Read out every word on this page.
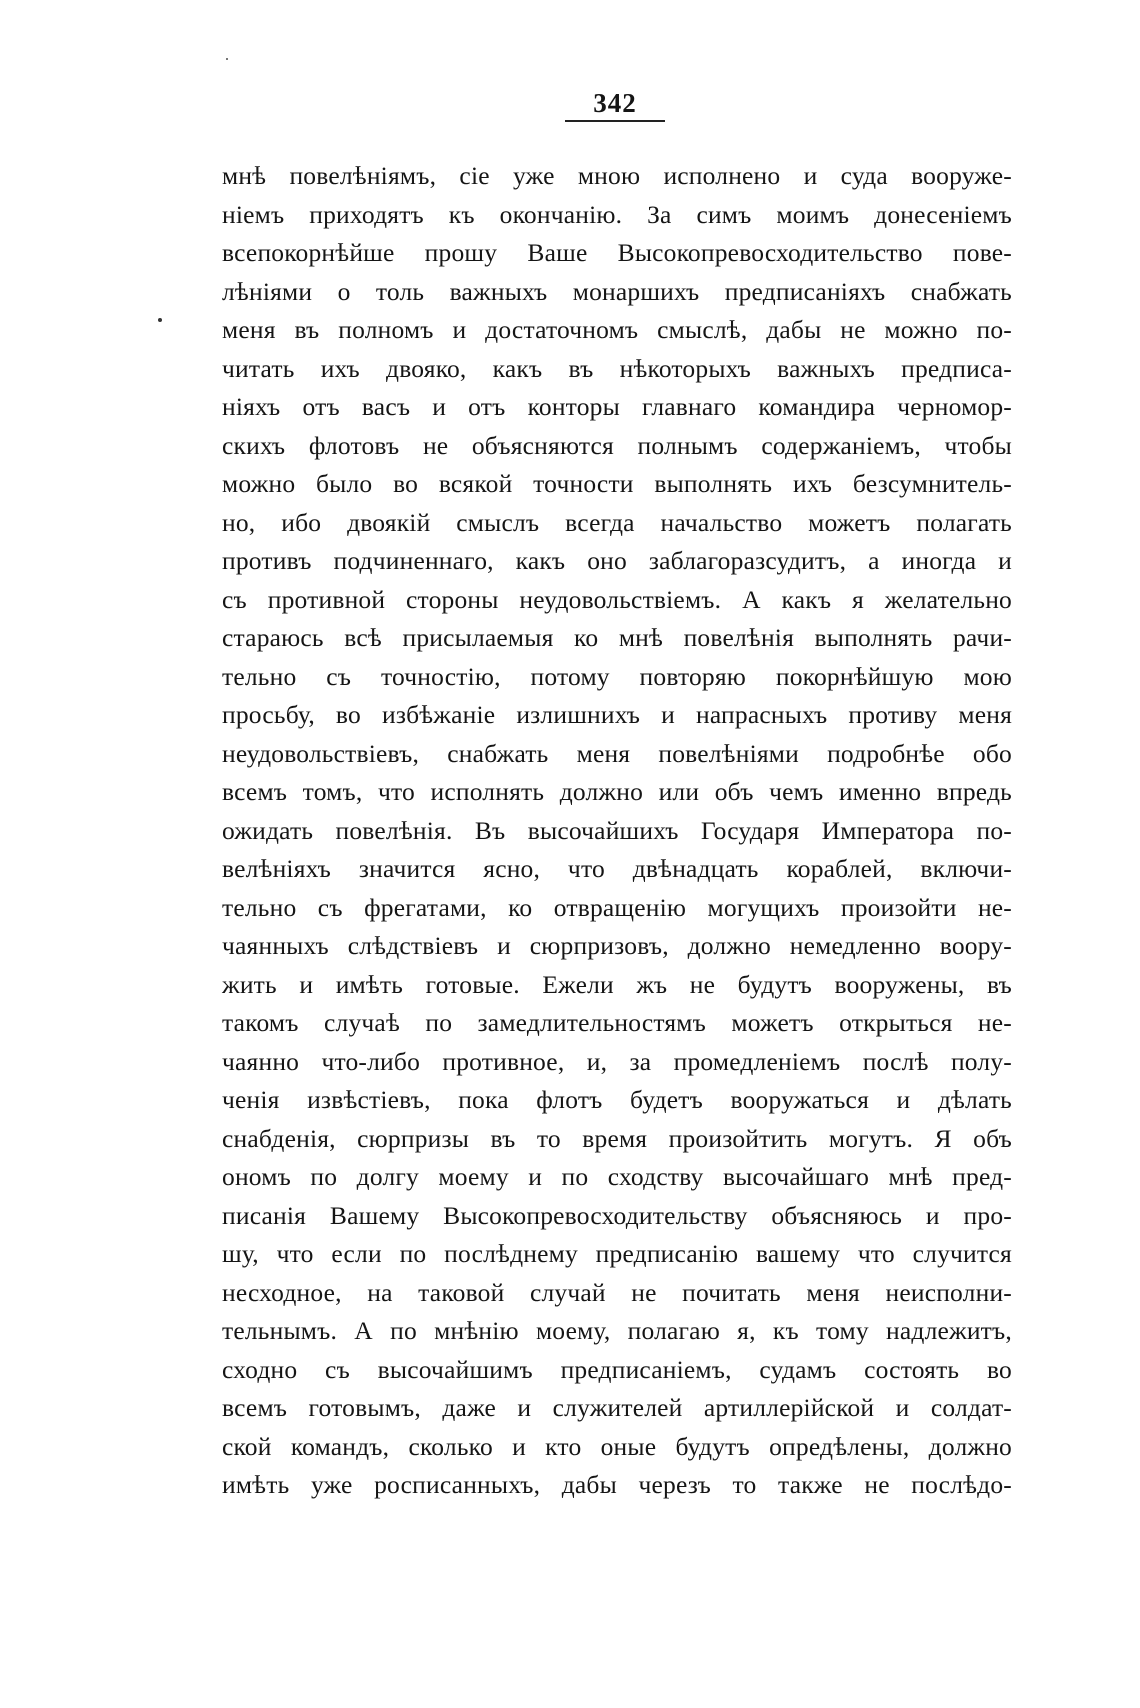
342
мнѣ повелѣніямъ, сіе уже мною исполнено и суда вооруже-
ніемъ приходятъ къ окончанію. За симъ моимъ донесеніемъ
всепокорнѣйше прошу Ваше Высокопревосходительство пове-
лѣніями о толь важныхъ монаршихъ предписаніяхъ снабжать
меня въ полномъ и достаточномъ смыслѣ, дабы не можно по-
читать ихъ двояко, какъ въ нѣкоторыхъ важныхъ предписа-
ніяхъ отъ васъ и отъ конторы главнаго командира черномор-
скихъ флотовъ не объясняются полнымъ содержаніемъ, чтобы
можно было во всякой точности выполнять ихъ безсумнитель-
но, ибо двоякій смыслъ всегда начальство можетъ полагать
противъ подчиненнаго, какъ оно заблагоразсудитъ, а иногда и
съ противной стороны неудовольствіемъ. А какъ я желательно
стараюсь всѣ присылаемыя ко мнѣ повелѣнія выполнять рачи-
тельно съ точностію, потому повторяю покорнѣйшую мою
просьбу, во избѣжаніе излишнихъ и напрасныхъ противу меня
неудовольствіевъ, снабжать меня повелѣніями подробнѣе обо
всемъ томъ, что исполнять должно или объ чемъ именно впредь
ожидать повелѣнія. Въ высочайшихъ Государя Императора по-
велѣніяхъ значится ясно, что двѣнадцать кораблей, включи-
тельно съ фрегатами, ко отвращенію могущихъ произойти не-
чаянныхъ слѣдствіевъ и сюрпризовъ, должно немедленно воору-
жить и имѣть готовые. Ежели жъ не будутъ вооружены, въ
такомъ случаѣ по замедлительностямъ можетъ открыться не-
чаянно что-либо противное, и, за промедленіемъ послѣ полу-
ченія извѣстіевъ, пока флотъ будетъ вооружаться и дѣлать
снабденія, сюрпризы въ то время произойтить могутъ. Я объ
ономъ по долгу моему и по сходству высочайшаго мнѣ пред-
писанія Вашему Высокопревосходительству объясняюсь и про-
шу, что если по послѣднему предписанію вашему что случится
несходное, на таковой случай не почитать меня неисполни-
тельнымъ. А по мнѣнію моему, полагаю я, къ тому надлежитъ,
сходно съ высочайшимъ предписаніемъ, судамъ состоять во
всемъ готовымъ, даже и служителей артиллерійской и солдат-
ской командъ, сколько и кто оные будутъ опредѣлены, должно
имѣть уже росписанныхъ, дабы черезъ то также не послѣдо-
